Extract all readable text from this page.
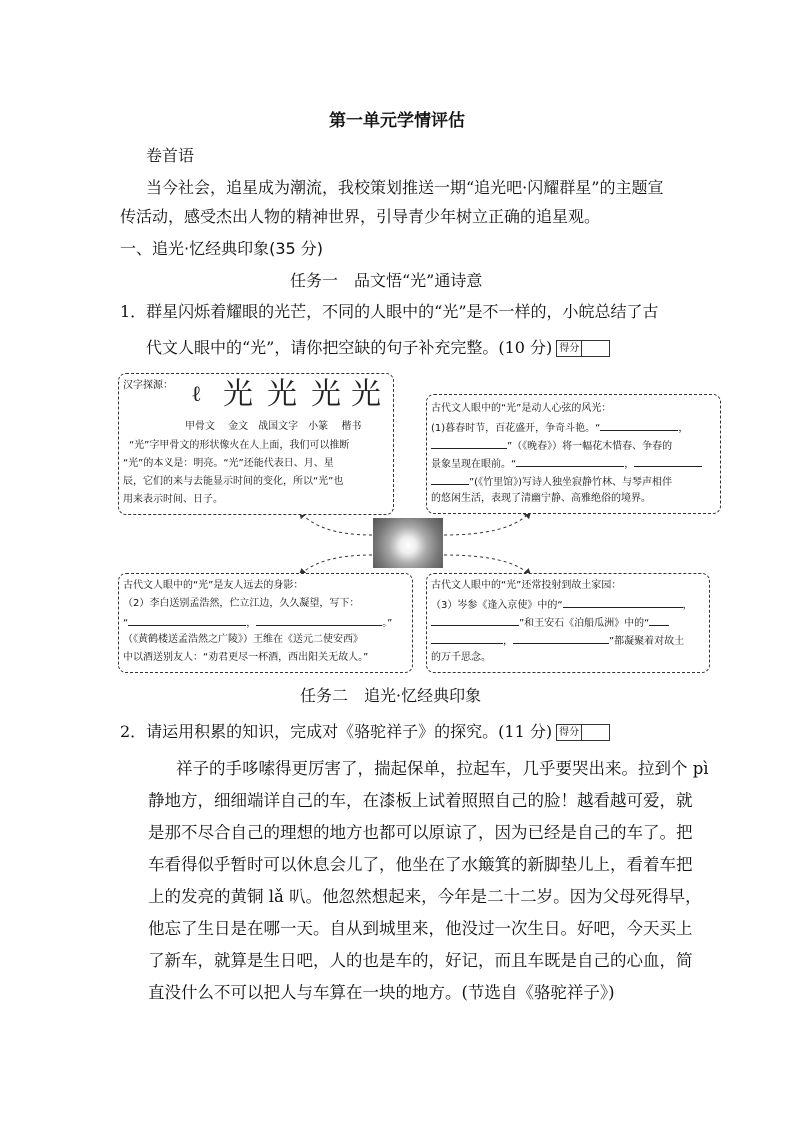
第一单元学情评估
卷首语
当今社会，追星成为潮流，我校策划推送一期“追光吧·闪耀群星”的主题宣
传活动，感受杰出人物的精神世界，引导青少年树立正确的追星观。
一、追光·忆经典印象(35 分)
任务一　品文悟“光”通诗意
1．群星闪烁着耀眼的光芒，不同的人眼中的“光”是不一样的，小皖总结了古
代文人眼中的“光”，请你把空缺的句子补充完整。(10 分) 得分
汉字探源： ℓ 光 光 光 光
甲骨文　 金文　战国文字　小篆　 楷书
“光”字甲骨文的形状像火在人上面，我们可以推断
“光”的本义是：明亮。“光”还能代表日、月、星
辰，它们的来与去能显示时间的变化，所以“光”也
用来表示时间、日子。
古代文人眼中的“光”是动人心弦的风光：
(1)暮春时节，百花盛开，争奇斗艳。“	，
”（《晚春》）将一幅花木惜春、争春的
景象呈现在眼前。“	，
”(《竹里馆》)写诗人独坐寂静竹林、与琴声相伴
的悠闲生活，表现了清幽宁静、高雅绝俗的境界。
古代文人眼中的“光”是友人远去的身影：
（2）李白送别孟浩然，伫立江边，久久凝望，写下：
“	，	。”
（《黄鹤楼送孟浩然之广陵》）王维在《送元二使安西》
中以酒送别友人：“劝君更尽一杯酒，西出阳关无故人。”
古代文人眼中的“光”还常投射到故土家园：
（3）岑参《逢入京使》中的“	，
”和王安石《泊船瓜洲》中的“
，	”都凝聚着对故土
的万千思念。
任务二　追光·忆经典印象
2．请运用积累的知识，完成对《骆驼祥子》的探究。(11 分) 得分
祥子的手哆嗦得更厉害了，揣起保单，拉起车，几乎要哭出来。拉到个 pì
静地方，细细端详自己的车，在漆板上试着照照自己的脸！越看越可爱，就
是那不尽合自己的理想的地方也都可以原谅了，因为已经是自己的车了。把
车看得似乎暂时可以休息会儿了，他坐在了水簸箕的新脚垫儿上，看着车把
上的发亮的黄铜 lǎ 叭。他忽然想起来，今年是二十二岁。因为父母死得早，
他忘了生日是在哪一天。自从到城里来，他没过一次生日。好吧，今天买上
了新车，就算是生日吧，人的也是车的，好记，而且车既是自己的心血，简
直没什么不可以把人与车算在一块的地方。(节选自《骆驼祥子》)
